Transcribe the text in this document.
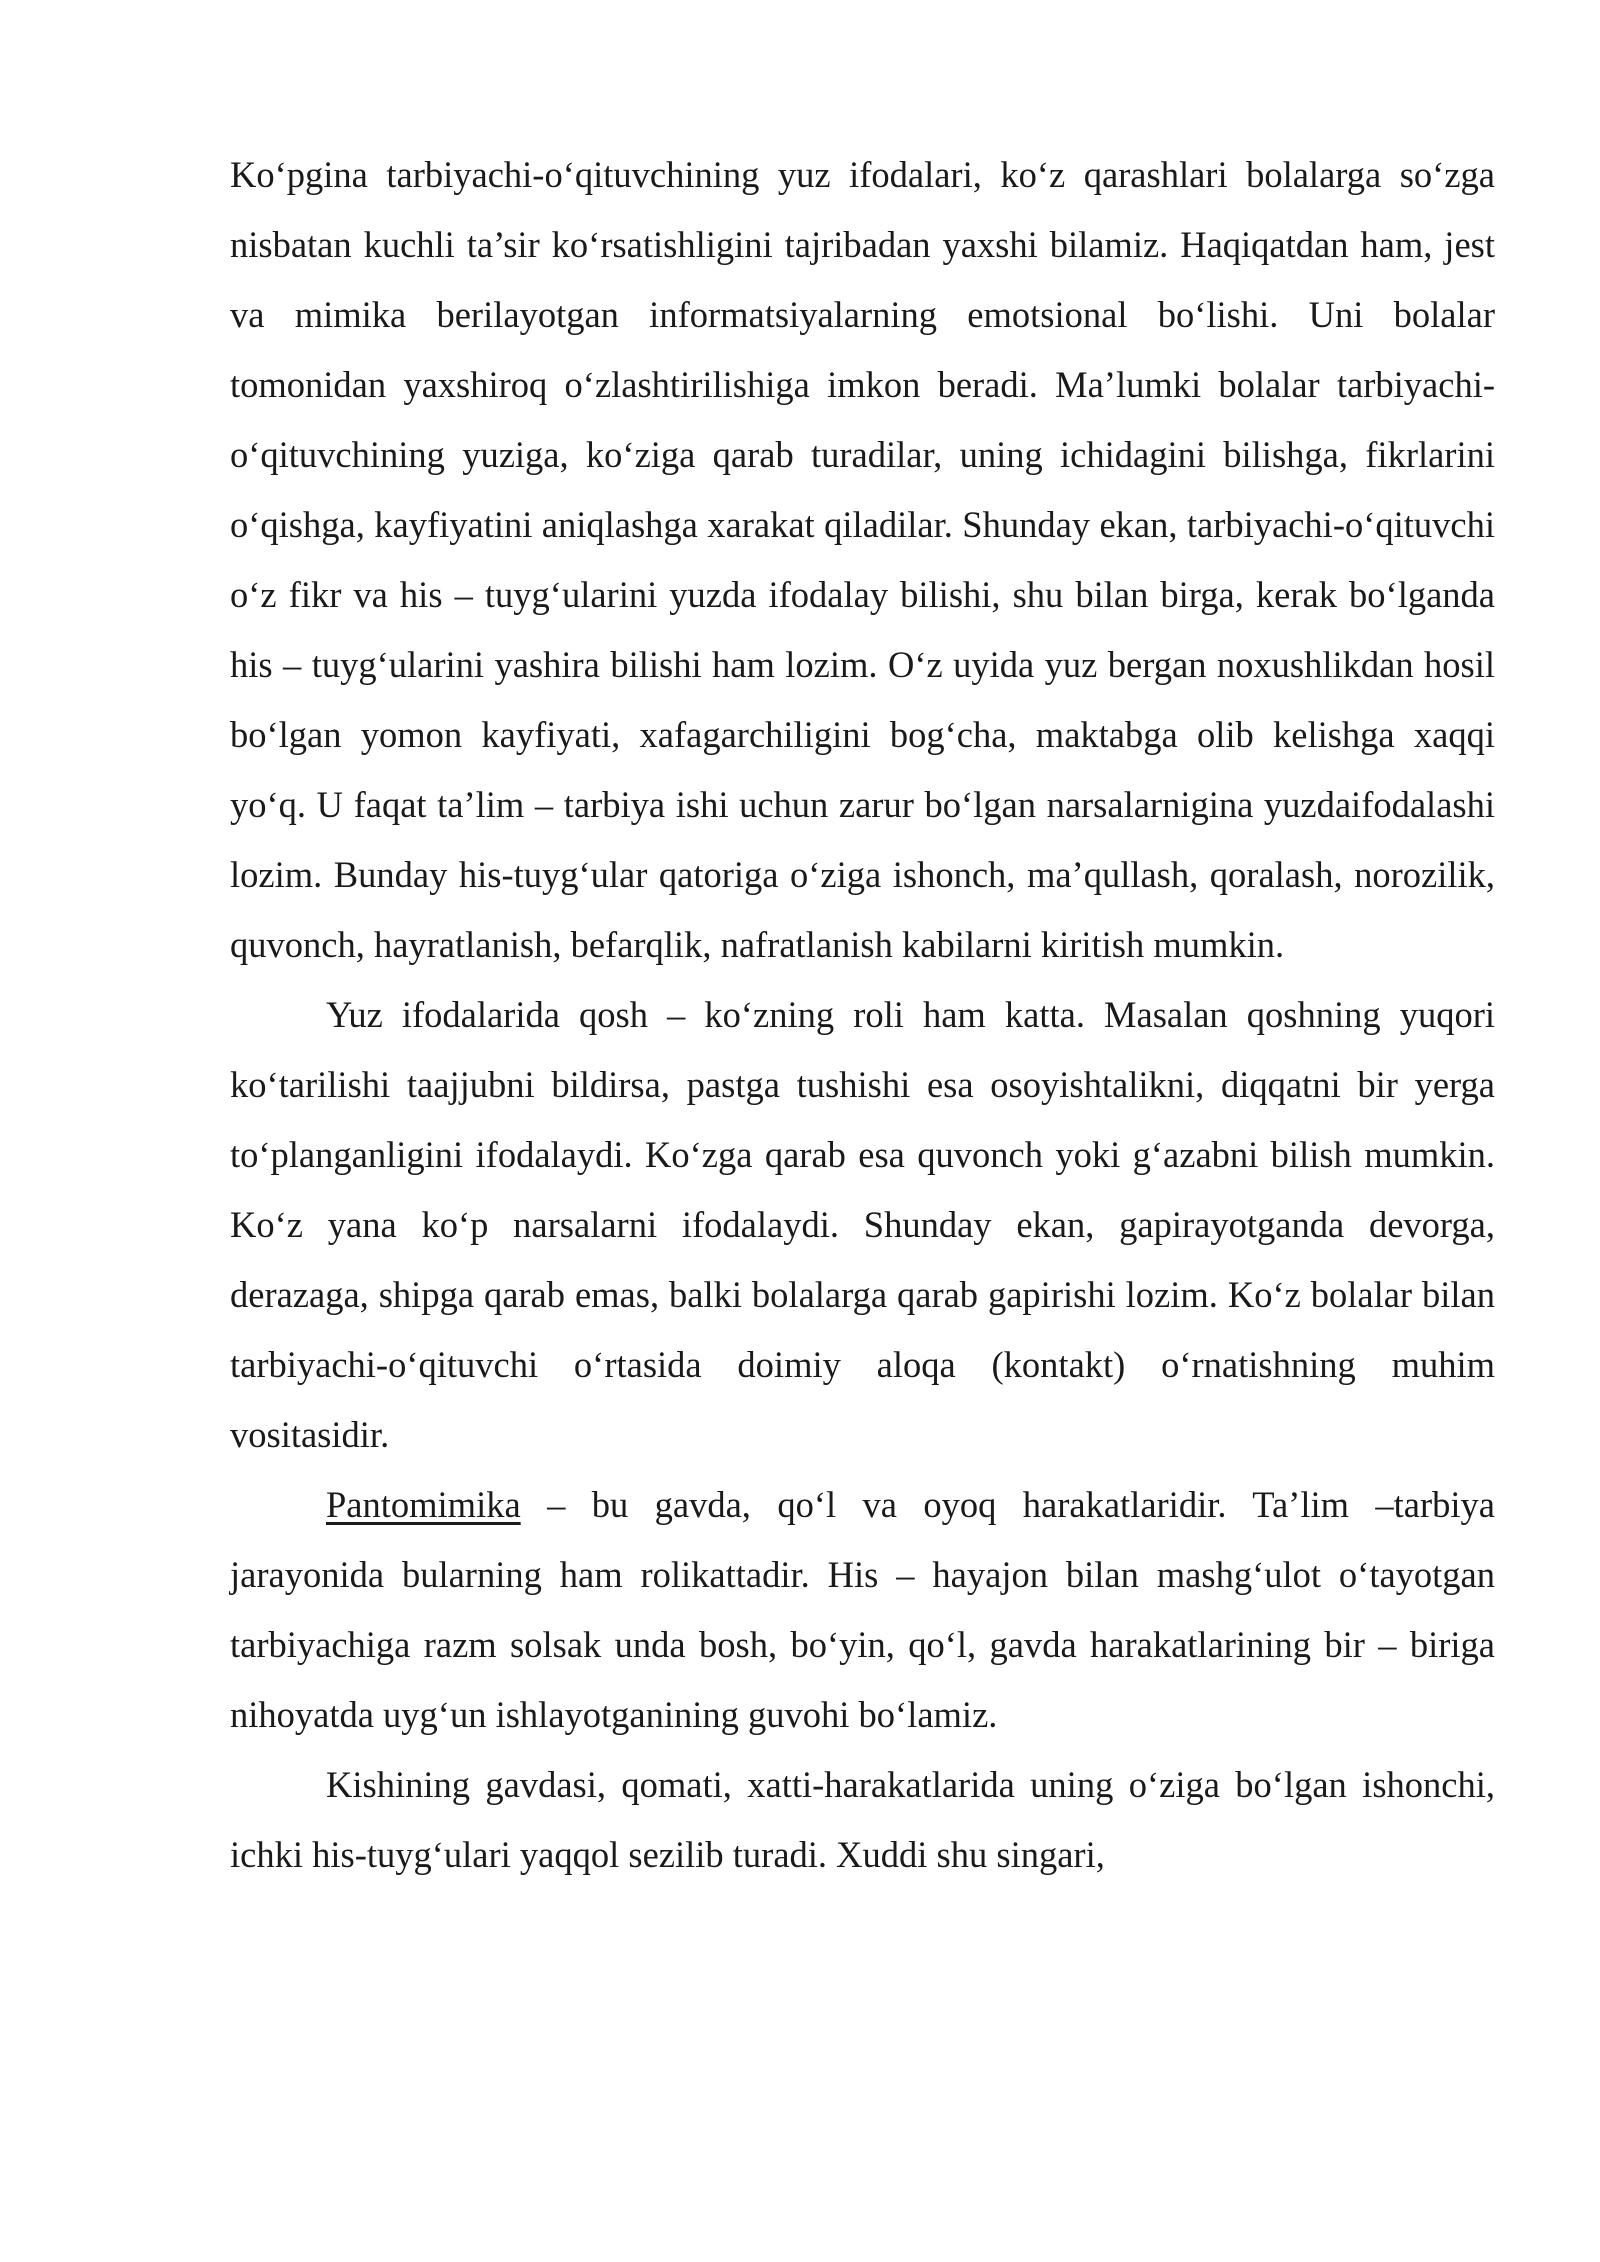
Ko‘pgina tarbiyachi-o‘qituvchining yuz ifodalari, ko‘z qarashlari bolalarga so‘zga nisbatan kuchli ta’sir ko‘rsatishligini tajribadan yaxshi bilamiz. Haqiqatdan ham, jest va mimika berilayotgan informatsiyalarning emotsional bo‘lishi. Uni bolalar tomonidan yaxshiroq o‘zlashtirilishiga imkon beradi. Ma’lumki bolalar tarbiyachi-o‘qituvchining yuziga, ko‘ziga qarab turadilar, uning ichidagini bilishga, fikrlarini o‘qishga, kayfiyatini aniqlashga xarakat qiladilar. Shunday ekan, tarbiyachi-o‘qituvchi o‘z fikr va his – tuyg‘ularini yuzda ifodalay bilishi, shu bilan birga, kerak bo‘lganda his – tuyg‘ularini yashira bilishi ham lozim. O‘z uyida yuz bergan noxushlikdan hosil bo‘lgan yomon kayfiyati, xafagarchiligini bog‘cha, maktabga olib kelishga xaqqi yo‘q. U faqat ta’lim – tarbiya ishi uchun zarur bo‘lgan narsalarnigina yuzdaifodalashi lozim. Bunday his-tuyg‘ular qatoriga o‘ziga ishonch, ma’qullash, qoralash, norozilik, quvonch, hayratlanish, befarqlik, nafratlanish kabilarni kiritish mumkin.

Yuz ifodalarida qosh – ko‘zning roli ham katta. Masalan qoshning yuqori ko‘tarilishi taajjubni bildirsa, pastga tushishi esa osoyishtalikni, diqqatni bir yerga to‘planganligini ifodalaydi. Ko‘zga qarab esa quvonch yoki g‘azabni bilish mumkin. Ko‘z yana ko‘p narsalarni ifodalaydi. Shunday ekan, gapirayotganda devorga, derazaga, shipga qarab emas, balki bolalarga qarab gapirishi lozim. Ko‘z bolalar bilan tarbiyachi-o‘qituvchi o‘rtasida doimiy aloqa (kontakt) o‘rnatishning muhim vositasidir.

Pantomimika – bu gavda, qo‘l va oyoq harakatlaridir. Ta’lim –tarbiya jarayonida bularning ham rolikattadir. His – hayajon bilan mashg‘ulot o‘tayotgan tarbiyachiga razm solsak unda bosh, bo‘yin, qo‘l, gavda harakatlarining bir – biriga nihoyatda uyg‘un ishlayotganining guvohi bo‘lamiz.

Kishining gavdasi, qomati, xatti-harakatlarida uning o‘ziga bo‘lgan ishonchi, ichki his-tuyg‘ulari yaqqol sezilib turadi. Xuddi shu singari,
